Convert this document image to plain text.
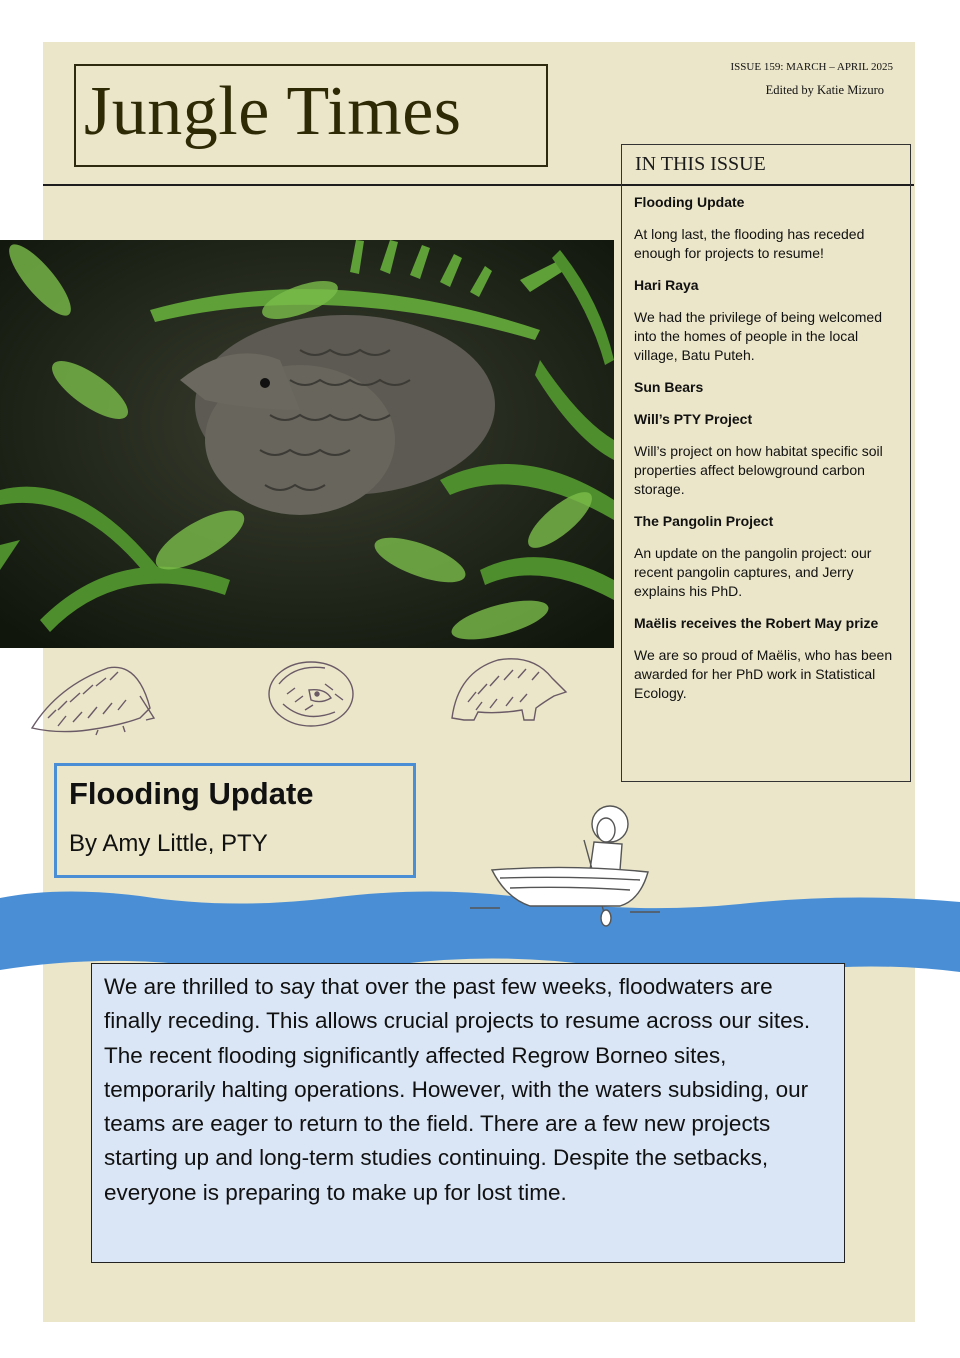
Jungle Times
ISSUE 159: MARCH – APRIL 2025
Edited by Katie Mizuro
IN THIS ISSUE
Flooding Update
At long last, the flooding has receded enough for projects to resume!
Hari Raya
We had the privilege of being welcomed into the homes of people in the local village, Batu Puteh.
Sun Bears
Will’s PTY Project
Will’s project on how habitat specific soil properties affect belowground carbon storage.
The Pangolin Project
An update on the pangolin project: our recent pangolin captures, and Jerry explains his PhD.
Maëlis receives the Robert May prize
We are so proud of Maëlis, who has been awarded for her PhD work in Statistical Ecology.
Flooding Update
By Amy Little, PTY

We are thrilled to say that over the past few weeks, floodwaters are finally receding. This allows crucial projects to resume across our sites. The recent flooding significantly affected Regrow Borneo sites, temporarily halting operations. However, with the waters subsiding, our teams are eager to return to the field. There are a few new projects starting up and long-term studies continuing. Despite the setbacks, everyone is preparing to make up for lost time.
